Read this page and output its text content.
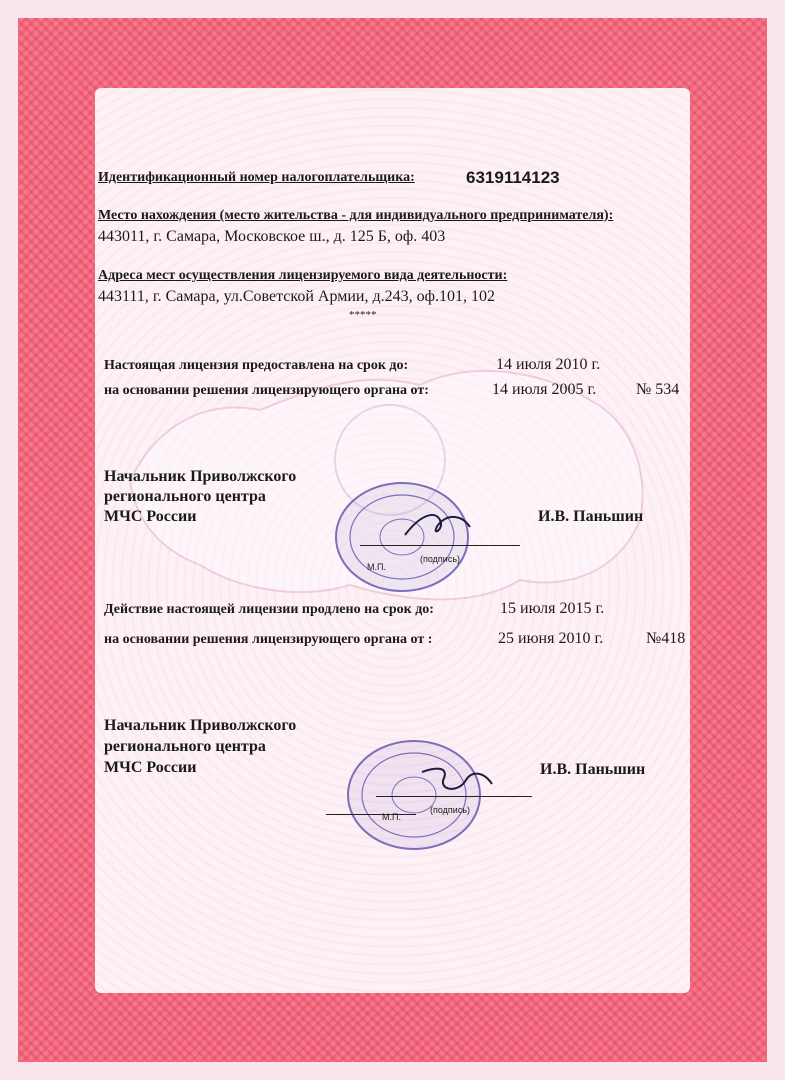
Идентификационный номер налогоплательщика:	6319114123
Место нахождения (место жительства - для индивидуального предпринимателя):
443011, г. Самара, Московское ш., д. 125 Б, оф. 403
Адреса мест осуществления лицензируемого вида деятельности:
443111, г. Самара, ул.Советской Армии, д.243, оф.101, 102
*****
Настоящая лицензия предоставлена на срок до:	14 июля 2010 г.
на основании решения лицензирующего органа от:	14 июля 2005 г. № 534
Начальник Приволжского
регионального центра
МЧС России	И.В. Паньшин
М.П.
(подпись)
Действие настоящей лицензии продлено на срок до:	15 июля 2015 г.
на основании решения лицензирующего органа от :	25 июня 2010 г.	№418
Начальник Приволжского
регионального центра
МЧС России	И.В. Паньшин
М.П.
(подпись)
